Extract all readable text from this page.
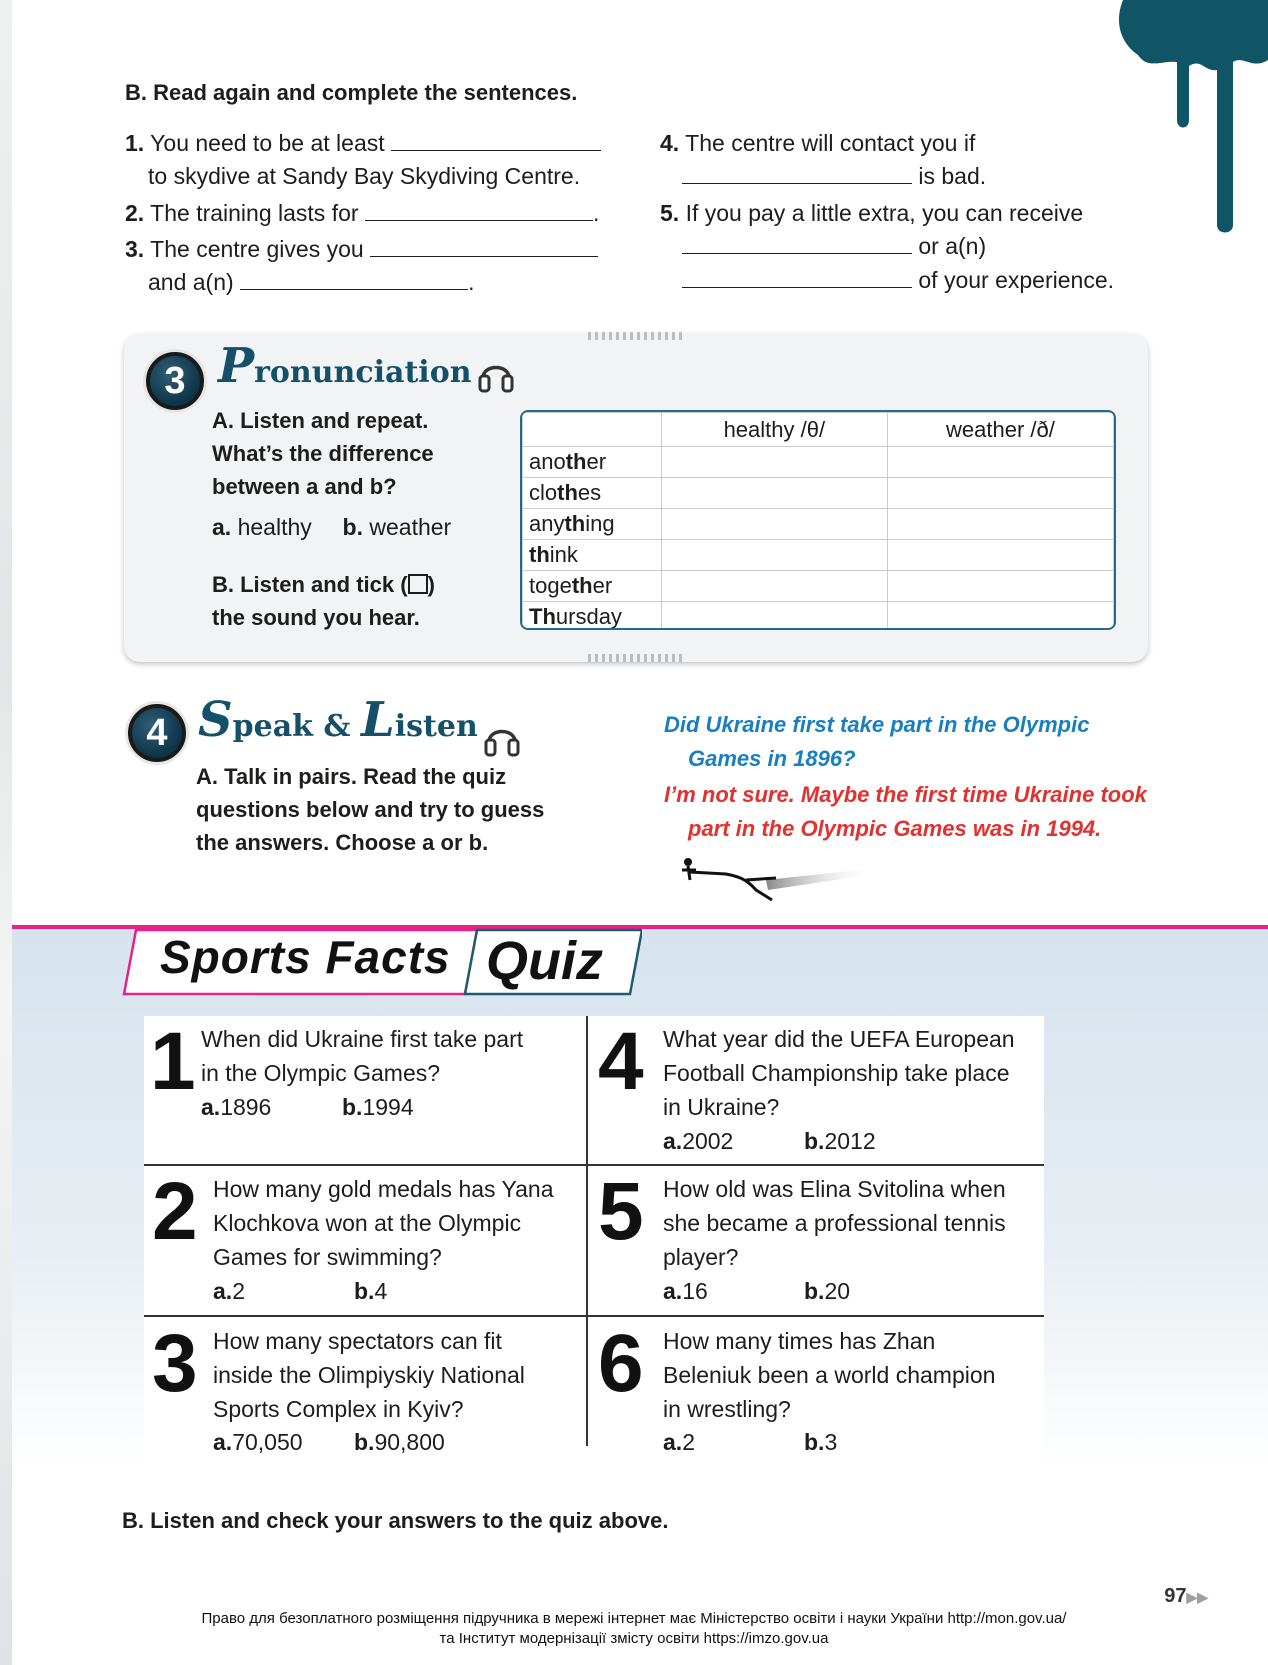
B. Read again and complete the sentences.
1. You need to be at least
to skydive at Sandy Bay Skydiving Centre.
2. The training lasts for	.
3. The centre gives you
and a(n)	.
4. The centre will contact you if
is bad.
5. If you pay a little extra, you can receive
or a(n)
of your experience.
3 Pronunciation
A. Listen and repeat.
What’s the difference
between a and b?
a. healthy b. weather
B. Listen and tick ( )
the sound you hear.
	healthy /θ/	weather /ð/
another		
clothes		
anything		
think		
together		
Thursday		
4 Speak & Listen
A. Talk in pairs. Read the quiz
questions below and try to guess
the answers. Choose a or b.
Did Ukraine first take part in the Olympic
Games in 1896?
I’m not sure. Maybe the first time Ukraine took
part in the Olympic Games was in 1994.
Sports Facts Quiz
1 When did Ukraine first take part
in the Olympic Games?
a.1896	b.1994
2 How many gold medals has Yana
Klochkova won at the Olympic
Games for swimming?
a.2	b.4
3 How many spectators can fit
inside the Olimpiyskiy National
Sports Complex in Kyiv?
a.70,050 b.90,800
4 What year did the UEFA European
Football Championship take place
in Ukraine?
a.2002	b.2012
5 How old was Elina Svitolina when
she became a professional tennis
player?
a.16	b.20
6 How many times has Zhan
Beleniuk been a world champion
in wrestling?
a.2	b.3
B. Listen and check your answers to the quiz above.
97▶▶
Право для безоплатного розміщення підручника в мережі інтернет має Міністерство освіти і науки України http://mon.gov.ua/
та Інститут модернізації змісту освіти https://imzo.gov.ua
